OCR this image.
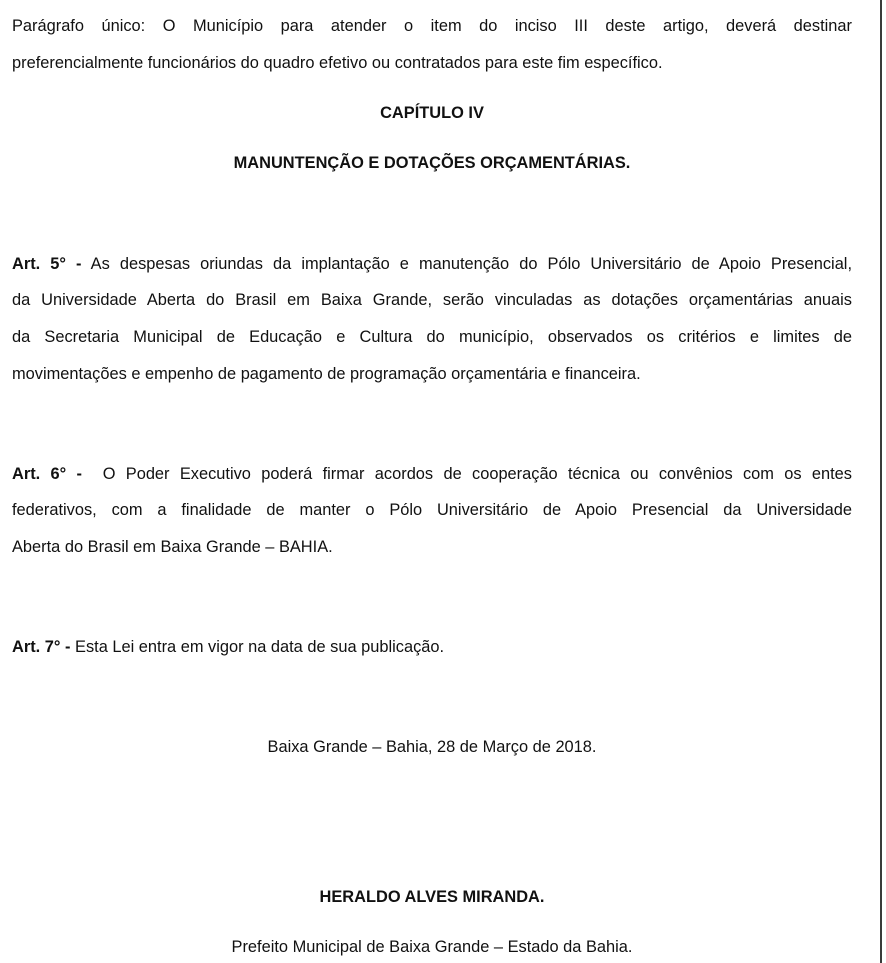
Parágrafo único: O Município para atender o item do inciso III deste artigo, deverá destinar
preferencialmente funcionários do quadro efetivo ou contratados para este fim específico.
CAPÍTULO IV
MANUNTENÇÃO E DOTAÇÕES ORÇAMENTÁRIAS.
Art. 5° - As despesas oriundas da implantação e manutenção do Pólo Universitário de Apoio Presencial,
da Universidade Aberta do Brasil em Baixa Grande, serão vinculadas as dotações orçamentárias anuais
da Secretaria Municipal de Educação e Cultura do município, observados os critérios e limites de
movimentações e empenho de pagamento de programação orçamentária e financeira.
Art. 6° -  O Poder Executivo poderá firmar acordos de cooperação técnica ou convênios com os entes
federativos, com a finalidade de manter o Pólo Universitário de Apoio Presencial da Universidade
Aberta do Brasil em Baixa Grande – BAHIA.
Art. 7° - Esta Lei entra em vigor na data de sua publicação.
Baixa Grande – Bahia, 28 de Março de 2018.
HERALDO ALVES MIRANDA.
Prefeito Municipal de Baixa Grande – Estado da Bahia.
